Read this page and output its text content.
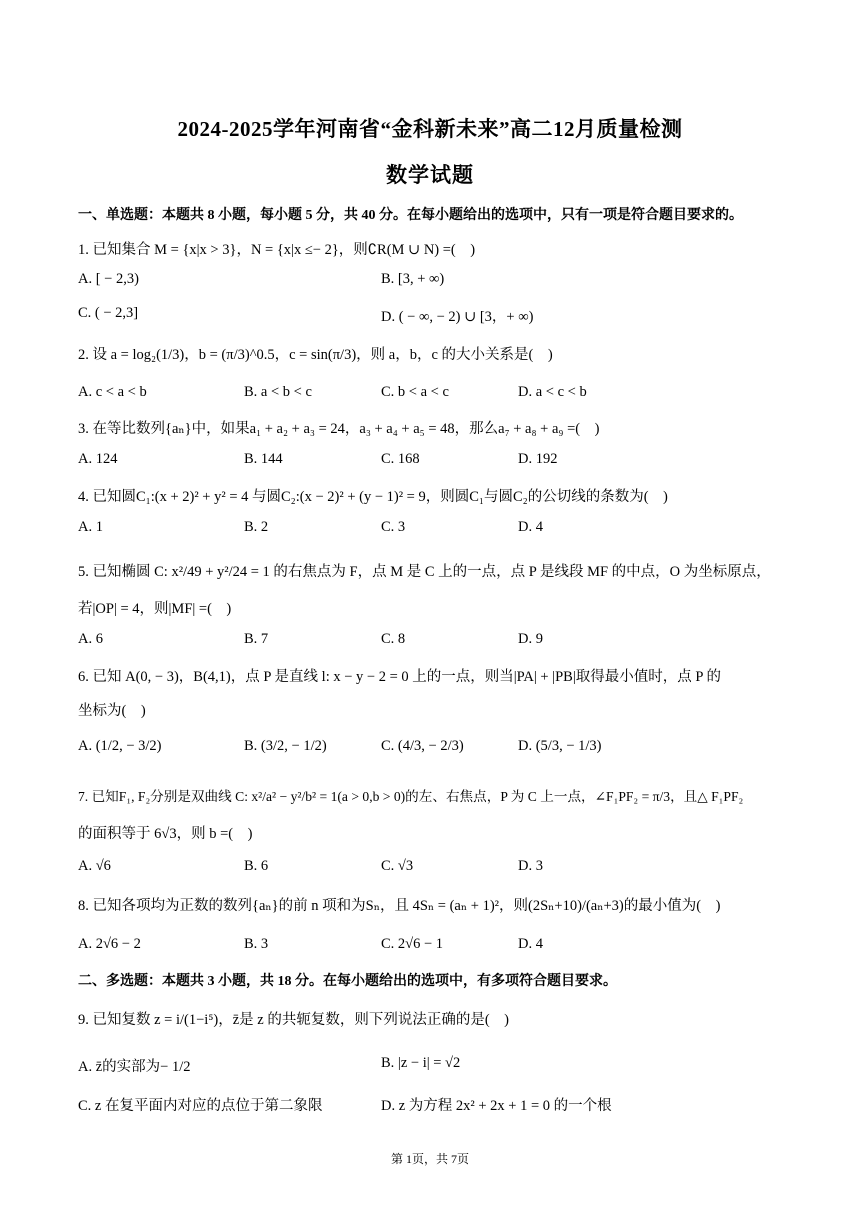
2024-2025学年河南省“金科新未来”高二12月质量检测
数学试题
一、单选题：本题共 8 小题，每小题 5 分，共 40 分。在每小题给出的选项中，只有一项是符合题目要求的。
1. 已知集合 M = {x|x > 3}，N = {x|x ≤− 2}，则∁R(M ∪ N) =(　)
A. [ − 2,3)	B. [3, + ∞)
C. ( − 2,3]	D. ( − ∞, − 2) ∪ [3，+ ∞)
2. 设 a = log₂(1/3)，b = (π/3)^0.5，c = sin(π/3)，则 a，b，c 的大小关系是(　)
A. c < a < b	B. a < b < c	C. b < a < c	D. a < c < b
3. 在等比数列{aₙ}中，如果a₁ + a₂ + a₃ = 24，a₃ + a₄ + a₅ = 48，那么a₇ + a₈ + a₉ =(　)
A. 124	B. 144	C. 168	D. 192
4. 已知圆C₁:(x + 2)² + y² = 4 与圆C₂:(x − 2)² + (y − 1)² = 9，则圆C₁与圆C₂的公切线的条数为(　)
A. 1	B. 2	C. 3	D. 4
5. 已知椭圆 C: x²/49 + y²/24 = 1 的右焦点为 F，点 M 是 C 上的一点，点 P 是线段 MF 的中点，O 为坐标原点，
若|OP| = 4，则|MF| =(　)
A. 6	B. 7	C. 8	D. 9
6. 已知 A(0, − 3)，B(4,1)，点 P 是直线 l: x − y − 2 = 0 上的一点，则当|PA| + |PB|取得最小值时，点 P 的
坐标为(　)
A. (1/2, − 3/2)	B. (3/2, − 1/2)	C. (4/3, − 2/3)	D. (5/3, − 1/3)
7. 已知F₁, F₂分别是双曲线 C: x²/a² − y²/b² = 1(a > 0,b > 0)的左、右焦点，P 为 C 上一点，∠F₁PF₂ = π/3，且△ F₁PF₂
的面积等于 6√3，则 b =(　)
A. √6	B. 6	C. √3	D. 3
8. 已知各项均为正数的数列{aₙ}的前 n 项和为Sₙ，且 4Sₙ = (aₙ + 1)²，则(2Sₙ+10)/(aₙ+3)的最小值为(　)
A. 2√6 − 2	B. 3	C. 2√6 − 1	D. 4
二、多选题：本题共 3 小题，共 18 分。在每小题给出的选项中，有多项符合题目要求。
9. 已知复数 z = i/(1−i⁵)，z̄是 z 的共轭复数，则下列说法正确的是(　)
A. z̄的实部为− 1/2	B. |z − i| = √2
C. z 在复平面内对应的点位于第二象限	D. z 为方程 2x² + 2x + 1 = 0 的一个根
第 1页，共 7页
